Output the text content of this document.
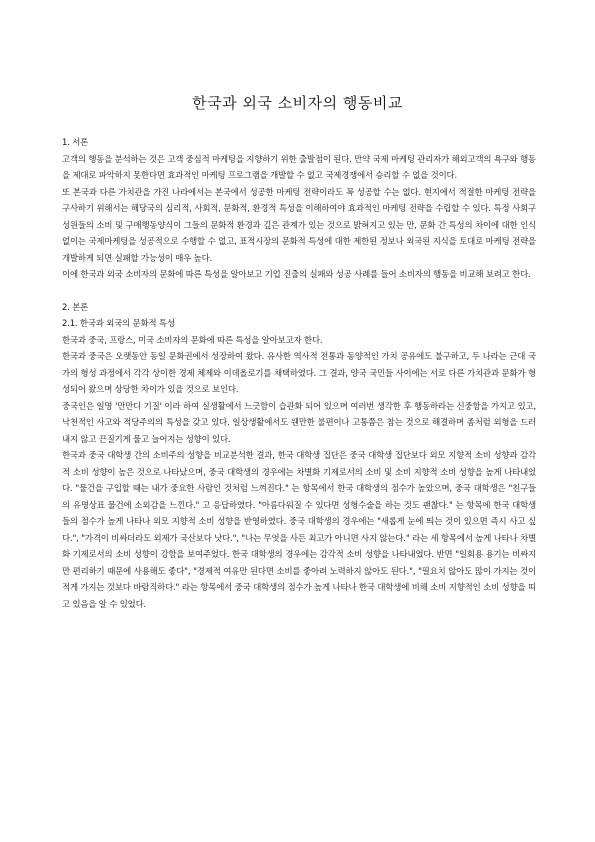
한국과 외국 소비자의 행동비교
1. 서론

고객의 행동을 분석하는 것은 고객 중심적 마케팅을 지향하기 위한 출발점이 된다. 만약 국제 마케팅 관리자가 해외고객의 욕구와 행동을 제대로 파악하지 못한다면 효과적인 마케팅 프로그램을 개발할 수 없고 국제경쟁에서 승리할 수 없을 것이다.

또 본국과 다른 가치관을 가진 나라에서는 본국에서 성공한 마케팅 전략이라도 꼭 성공할 수는 없다. 현지에서 적절한 마케팅 전략을 구사하기 위해서는 해당국의 심리적, 사회적, 문화적, 환경적 특성을 이해하여야 효과적인 마케팅 전략을 수립할 수 있다. 특정 사회구성원들의 소비 및 구매행동양식이 그들의 문화적 환경과 깊은 관계가 있는 것으로 밝혀지고 있는 만, 문화 간 특성의 차이에 대한 인식 없이는 국제마케팅을 성공적으로 수행할 수 없고, 표적시장의 문화적 특성에 대한 제한된 정보나 외국된 지식을 토대로 마케팅 전략을 개발하게 되면 실패할 가능성이 매우 높다.

이에 한국과 외국 소비자의 문화에 따른 특성을 알아보고 기업 진출의 실패와 성공 사례를 들어 소비자의 행동을 비교해 보려고 한다.

2. 본론
2.1. 한국과 외국의 문화적 특성

한국과 중국, 프랑스, 미국 소비자의 문화에 따른 특성을 알아보고자 한다.

한국과 중국은 오랫동안 동일 문화권에서 성장하여 왔다. 유사한 역사적 전통과 동양적인 가치 공유에도 불구하고, 두 나라는 근대 국가의 형성 과정에서 각각 상이한 경제 체제와 이데올로기를 채택하였다. 그 결과, 양국 국민들 사이에는 서로 다른 가치관과 문화가 형성되어 왔으며 상당한 차이가 있을 것으로 보인다.

중국인은 일명 '만만디 기질' 이라 하여 실생활에서 느긋함이 습관화 되어 있으며 여러번 생각한 후 행동하라는 신중함을 가지고 있고, 낙천적인 사고와 적당주의의 특성을 갖고 있다. 일상생활에서도 웬만한 불편이나 고통쯤은 참는 것으로 해결하며 좀처럼 외형을 드러내지 않고 끈질기게 물고 늘어지는 성향이 있다.

한국과 중국 대학생 간의 소비주의 성향을 비교분석한 결과, 한국 대학생 집단은 중국 대학생 집단보다 외모 지향적 소비 성향과 감각적 소비 성향이 높은 것으로 나타났으며, 중국 대학생의 경우에는 차별화 기제로서의 소비 및 소비 지향적 소비 성향을 높게 나타내었다. "물건을 구입할 때는 내가 중요한 사람인 것처럼 느껴진다." 는 항목에서 한국 대학생의 점수가 높았으며, 중국 대학생은 "친구들의 유명상표 물건에 소외감을 느낀다." 고 응답하였다. "아름다워질 수 있다면 성형수술을 하는 것도 괜찮다." 는 항목에 한국 대학생들의 점수가 높게 나타나 외모 지향적 소비 성향을 반영하였다. 중국 대학생의 경우에는 "새롭게 눈에 띄는 것이 있으면 즉시 사고 싶다.", "가격이 비싸더라도 외제가 국산보다 낫다.", "나는 무엇을 사든 최고가 아니면 사지 않는다." 라는 세 항목에서 높게 나타나 차별화 기제로서의 소비 성향이 강함을 보여주었다. 한국 대학생의 경우에는 감각적 소비 성향을 나타내었다. 반면 "일회용 용기는 비싸지만 편리하기 때문에 사용해도 좋다", "경제적 여유만 된다면 소비를 좋아려 노력하지 않아도 된다.", "필요치 않아도 많이 가지는 것이 적게 가지는 것보다 바람직하다." 라는 항목에서 중국 대학생의 점수가 높게 나타나 한국 대학생에 비해 소비 지향적인 소비 성향을 띠고 있음을 알 수 있었다.
